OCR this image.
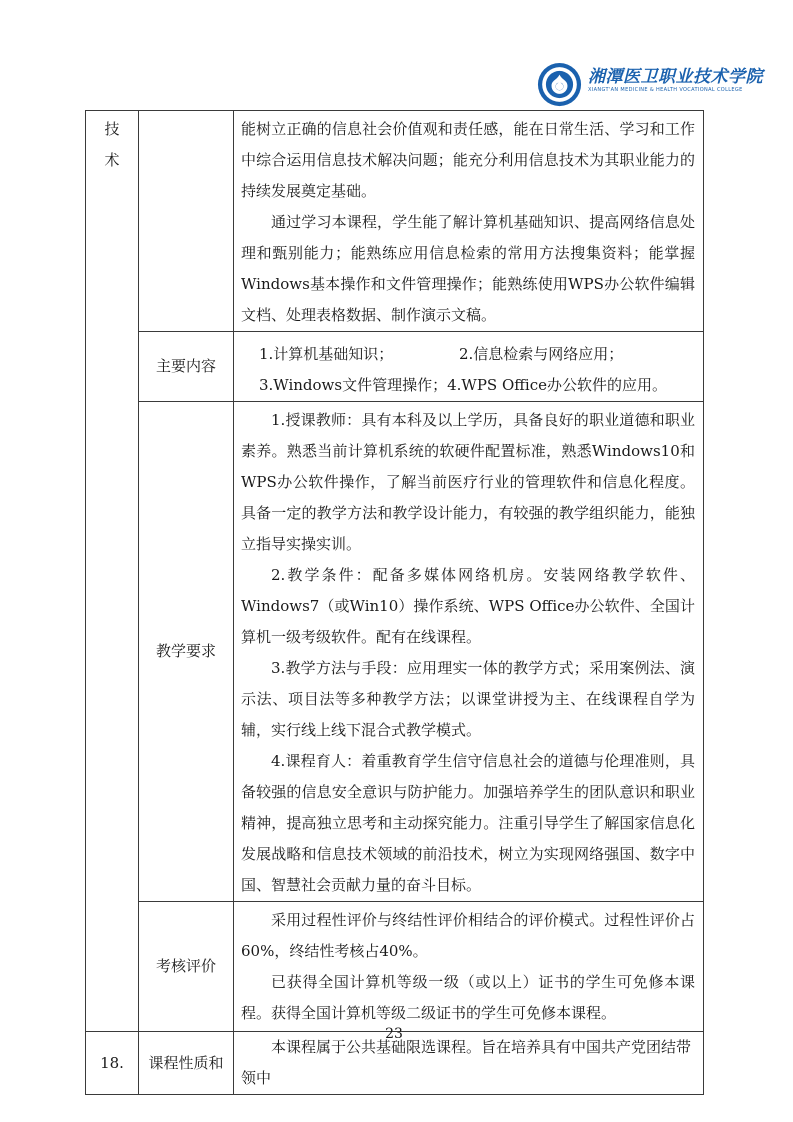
湘潭医卫职业技术学院
XIANGT'AN MEDICINE & HEALTH VOCATIONAL COLLEGE
技术		能树立正确的信息社会价值观和责任感，能在日常生活、学习和工作中综合运用信息技术解决问题；能充分利用信息技术为其职业能力的持续发展奠定基础。

通过学习本课程，学生能了解计算机基础知识、提高网络信息处理和甄别能力；能熟练应用信息检索的常用方法搜集资料；能掌握Windows基本操作和文件管理操作；能熟练使用WPS办公软件编辑文档、处理表格数据、制作演示文稿。

	主要内容	1.计算机基础知识； 2.信息检索与网络应用；
3.Windows文件管理操作；4.WPS Office办公软件的应用。

	教学要求	1.授课教师：具有本科及以上学历，具备良好的职业道德和职业素养。熟悉当前计算机系统的软硬件配置标准，熟悉Windows10和WPS办公软件操作，了解当前医疗行业的管理软件和信息化程度。具备一定的教学方法和教学设计能力，有较强的教学组织能力，能独立指导实操实训。

2.教学条件：配备多媒体网络机房。安装网络教学软件、Windows7（或Win10）操作系统、WPS Office办公软件、全国计算机一级考级软件。配有在线课程。

3.教学方法与手段：应用理实一体的教学方式；采用案例法、演示法、项目法等多种教学方法；以课堂讲授为主、在线课程自学为辅，实行线上线下混合式教学模式。

4.课程育人：着重教育学生信守信息社会的道德与伦理准则，具备较强的信息安全意识与防护能力。加强培养学生的团队意识和职业精神，提高独立思考和主动探究能力。注重引导学生了解国家信息化发展战略和信息技术领域的前沿技术，树立为实现网络强国、数字中国、智慧社会贡献力量的奋斗目标。

	考核评价	采用过程性评价与终结性评价相结合的评价模式。过程性评价占60%，终结性考核占40%。

已获得全国计算机等级一级（或以上）证书的学生可免修本课程。获得全国计算机等级二级证书的学生可免修本课程。

18.	课程性质和	本课程属于公共基础限选课程。旨在培养具有中国共产党团结带领中

23
